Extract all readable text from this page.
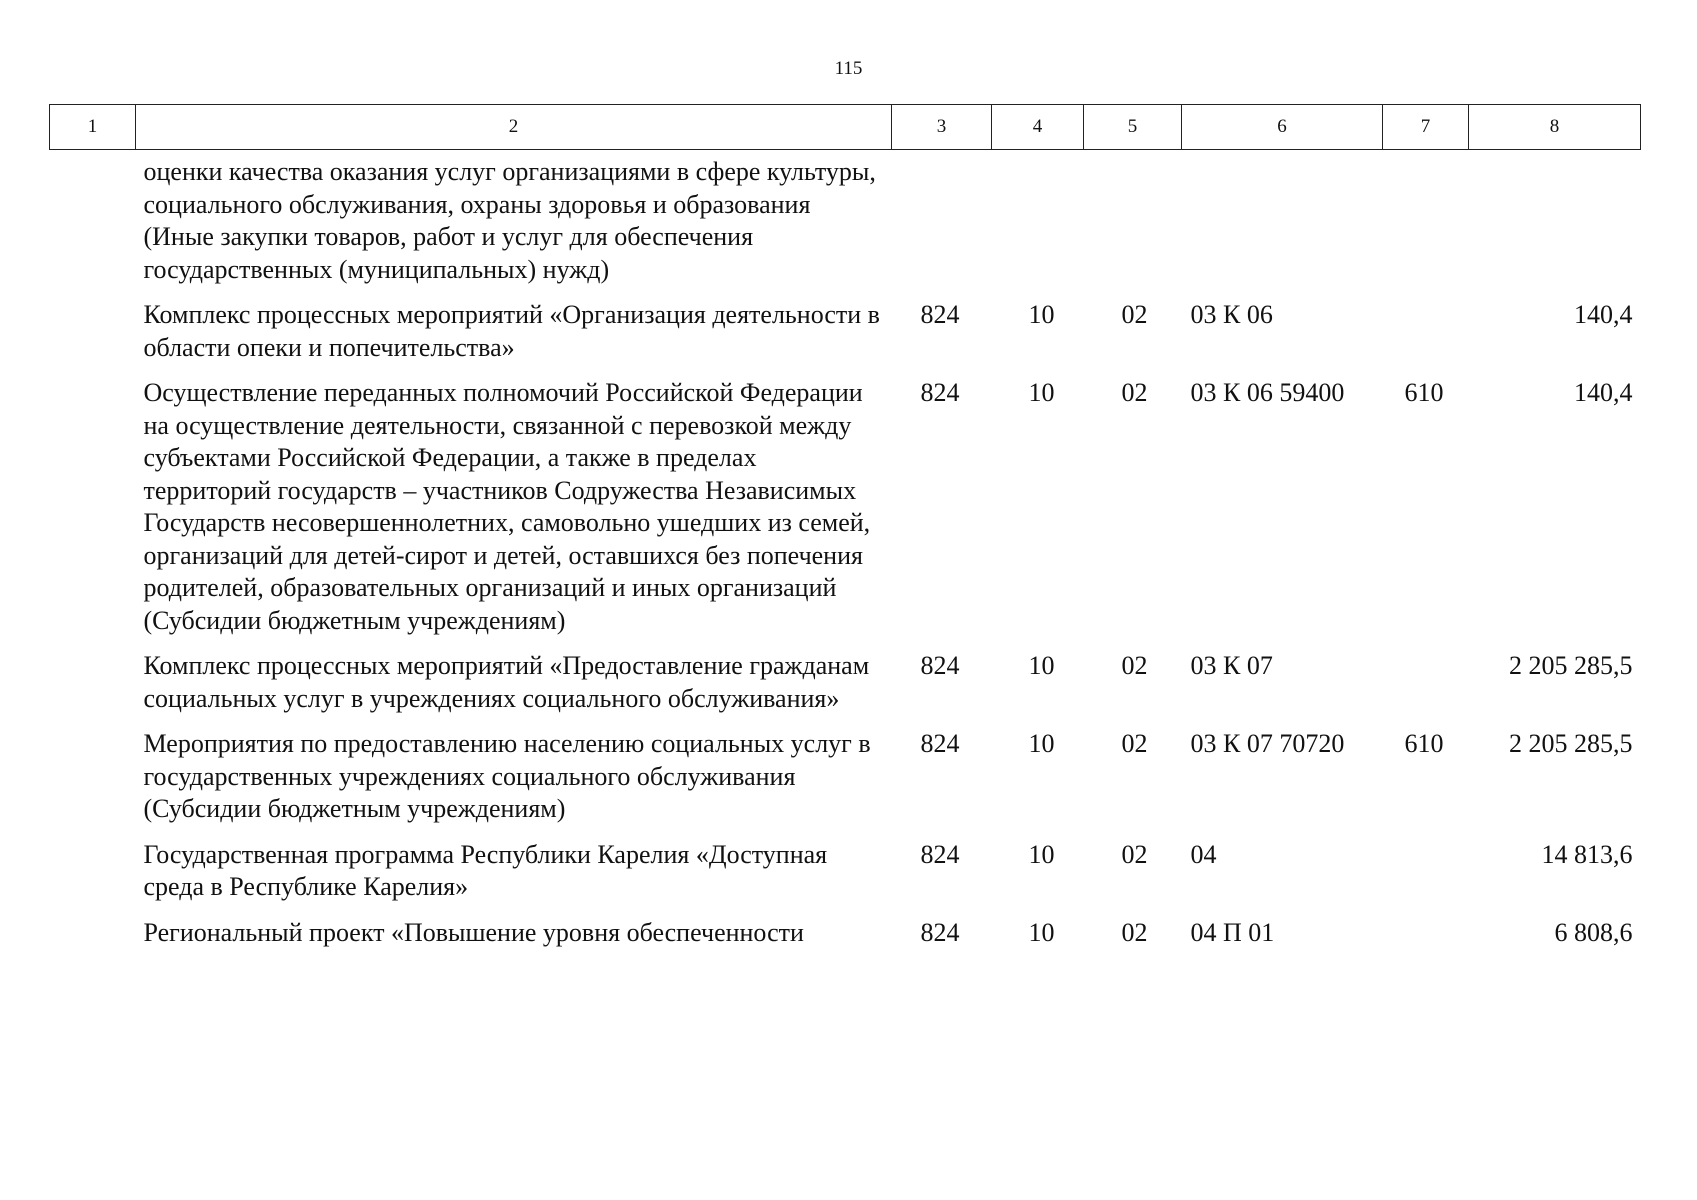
115
1	2	3	4	5	6	7	8
оценки качества оказания услуг организациями в сфере культуры, социального обслуживания, охраны здоровья и образования (Иные закупки товаров, работ и услуг для обеспечения государственных (муниципальных) нужд)							
Комплекс процессных мероприятий «Организация деятельности в области опеки и попечительства»		824	10	02	03 К 06		140,4
Осуществление переданных полномочий Российской Федерации на осуществление деятельности, связанной с перевозкой между субъектами Российской Федерации, а также в пределах территорий государств – участников Содружества Независимых Государств несовершеннолетних, самовольно ушедших из семей, организаций для детей-сирот и детей, оставшихся без попечения родителей, образовательных организаций и иных организаций (Субсидии бюджетным учреждениям)		824	10	02	03 К 06 59400	610	140,4
Комплекс процессных мероприятий «Предоставление гражданам социальных услуг в учреждениях социального обслуживания»		824	10	02	03 К 07		2 205 285,5
Мероприятия по предоставлению населению социальных услуг в государственных учреждениях социального обслуживания (Субсидии бюджетным учреждениям)		824	10	02	03 К 07 70720	610	2 205 285,5
Государственная программа Республики Карелия «Доступная среда в Республике Карелия»		824	10	02	04		14 813,6
Региональный проект «Повышение уровня обеспеченности		824	10	02	04 П 01		6 808,6
